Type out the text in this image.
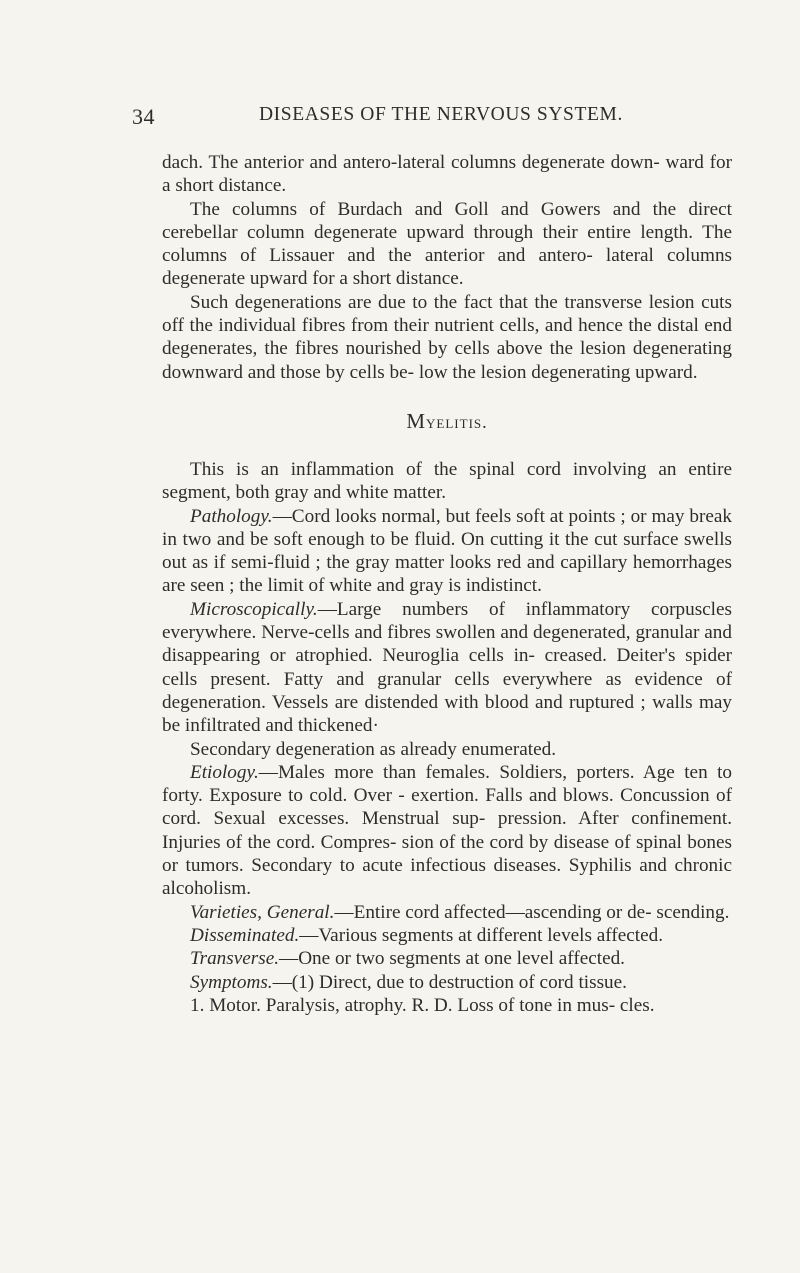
34	DISEASES OF THE NERVOUS SYSTEM.

dach. The anterior and antero-lateral columns degenerate down- ward for a short distance.

The columns of Burdach and Goll and Gowers and the direct cerebellar column degenerate upward through their entire length. The columns of Lissauer and the anterior and antero- lateral columns degenerate upward for a short distance.

Such degenerations are due to the fact that the transverse lesion cuts off the individual fibres from their nutrient cells, and hence the distal end degenerates, the fibres nourished by cells above the lesion degenerating downward and those by cells be- low the lesion degenerating upward.

Myelitis.

This is an inflammation of the spinal cord involving an entire segment, both gray and white matter.

Pathology.—Cord looks normal, but feels soft at points ; or may break in two and be soft enough to be fluid. On cutting it the cut surface swells out as if semi-fluid ; the gray matter looks red and capillary hemorrhages are seen ; the limit of white and gray is indistinct.

Microscopically.—Large numbers of inflammatory corpuscles everywhere. Nerve-cells and fibres swollen and degenerated, granular and disappearing or atrophied. Neuroglia cells in- creased. Deiter's spider cells present. Fatty and granular cells everywhere as evidence of degeneration. Vessels are distended with blood and ruptured ; walls may be infiltrated and thickened·

Secondary degeneration as already enumerated.

Etiology.—Males more than females. Soldiers, porters. Age ten to forty. Exposure to cold. Over - exertion. Falls and blows. Concussion of cord. Sexual excesses. Menstrual sup- pression. After confinement. Injuries of the cord. Compres- sion of the cord by disease of spinal bones or tumors. Secondary to acute infectious diseases. Syphilis and chronic alcoholism.

Varieties, General.—Entire cord affected—ascending or de- scending.

Disseminated.—Various segments at different levels affected.

Transverse.—One or two segments at one level affected.

Symptoms.—(1) Direct, due to destruction of cord tissue.

1. Motor. Paralysis, atrophy. R. D. Loss of tone in mus- cles.
